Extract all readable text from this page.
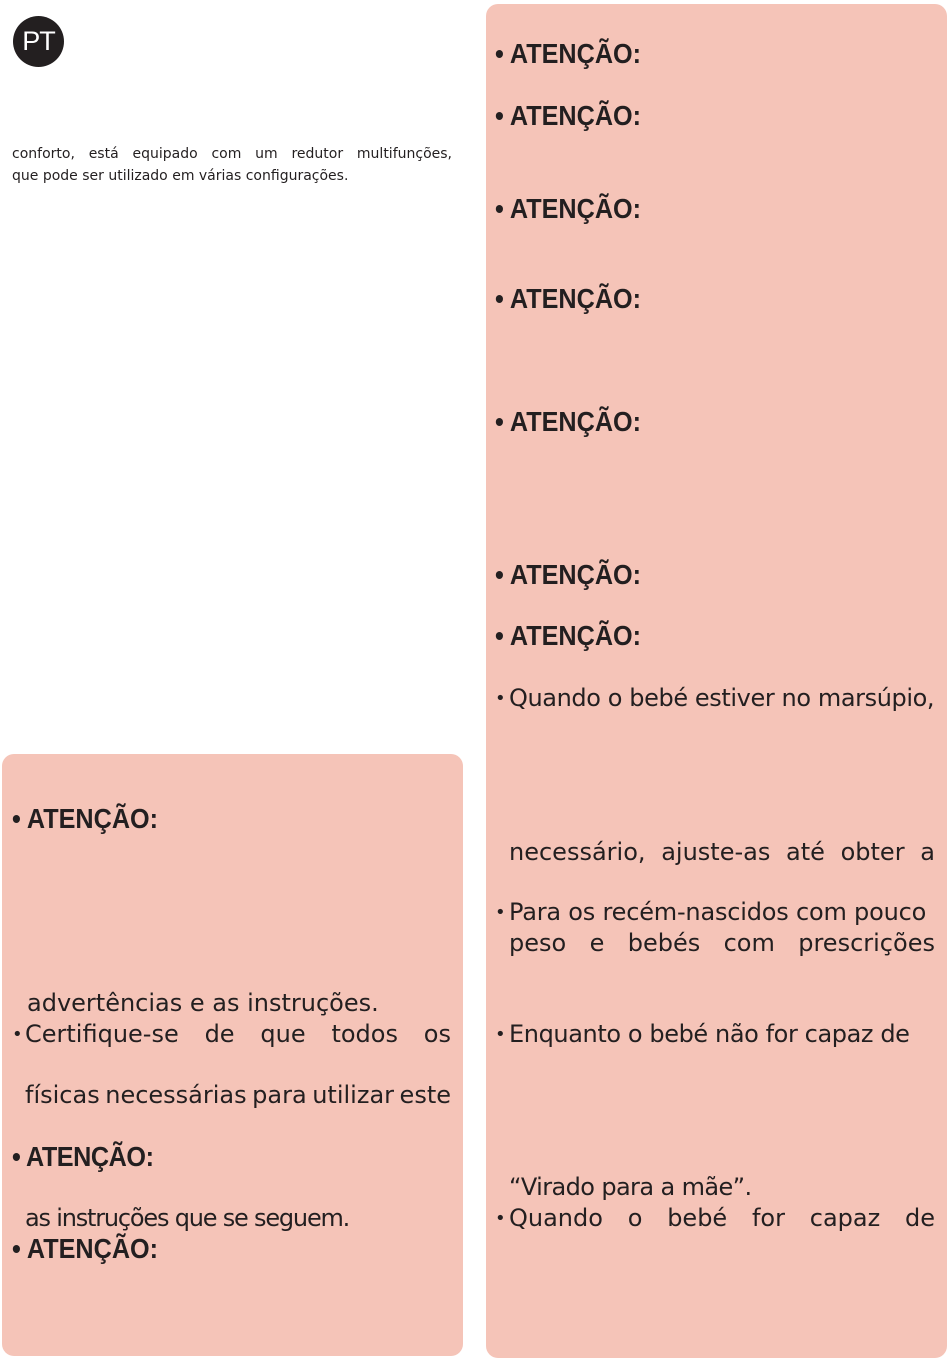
PT
conforto, está equipado com um redutor multifunções,
que pode ser utilizado em várias configurações.
• ATENÇÃO:
advertências e as instruções.
• Certifique-se de que todos os
físicas necessárias para utilizar este
• ATENÇÃO:
as instruções que se seguem.
• ATENÇÃO:
• ATENÇÃO:
• ATENÇÃO:
• ATENÇÃO:
• ATENÇÃO:
• ATENÇÃO:
• ATENÇÃO:
• ATENÇÃO:
• Quando o bebé estiver no marsúpio,
necessário, ajuste-as até obter a
• Para os recém-nascidos com pouco
peso e bebés com prescrições
• Enquanto o bebé não for capaz de
“Virado para a mãe”.
• Quando o bebé for capaz de
